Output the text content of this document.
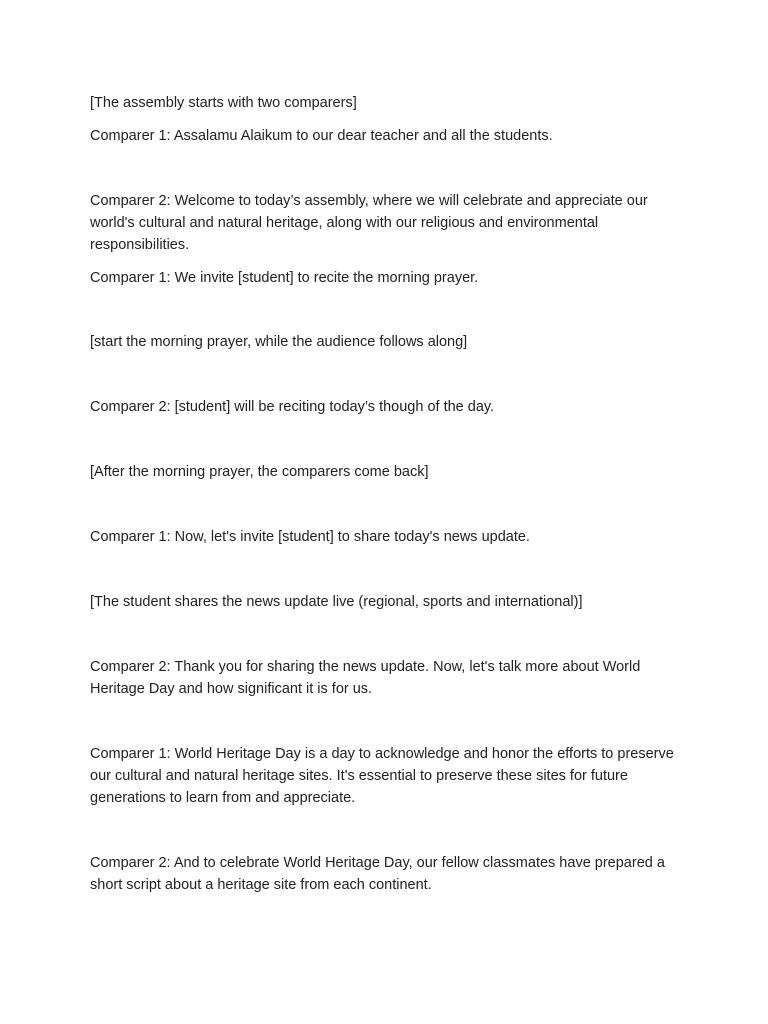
[The assembly starts with two comparers]

Comparer 1: Assalamu Alaikum to our dear teacher and all the students.

Comparer 2: Welcome to today’s assembly, where we will celebrate and appreciate our world's cultural and natural heritage, along with our religious and environmental responsibilities.

Comparer 1: We invite [student] to recite the morning prayer.

[start the morning prayer, while the audience follows along]

Comparer 2: [student] will be reciting today’s though of the day.

[After the morning prayer, the comparers come back]

Comparer 1: Now, let's invite [student] to share today's news update.

[The student shares the news update live (regional, sports and international)]

Comparer 2: Thank you for sharing the news update. Now, let's talk more about World Heritage Day and how significant it is for us.

Comparer 1: World Heritage Day is a day to acknowledge and honor the efforts to preserve our cultural and natural heritage sites. It's essential to preserve these sites for future generations to learn from and appreciate.

Comparer 2: And to celebrate World Heritage Day, our fellow classmates have prepared a short script about a heritage site from each continent.
